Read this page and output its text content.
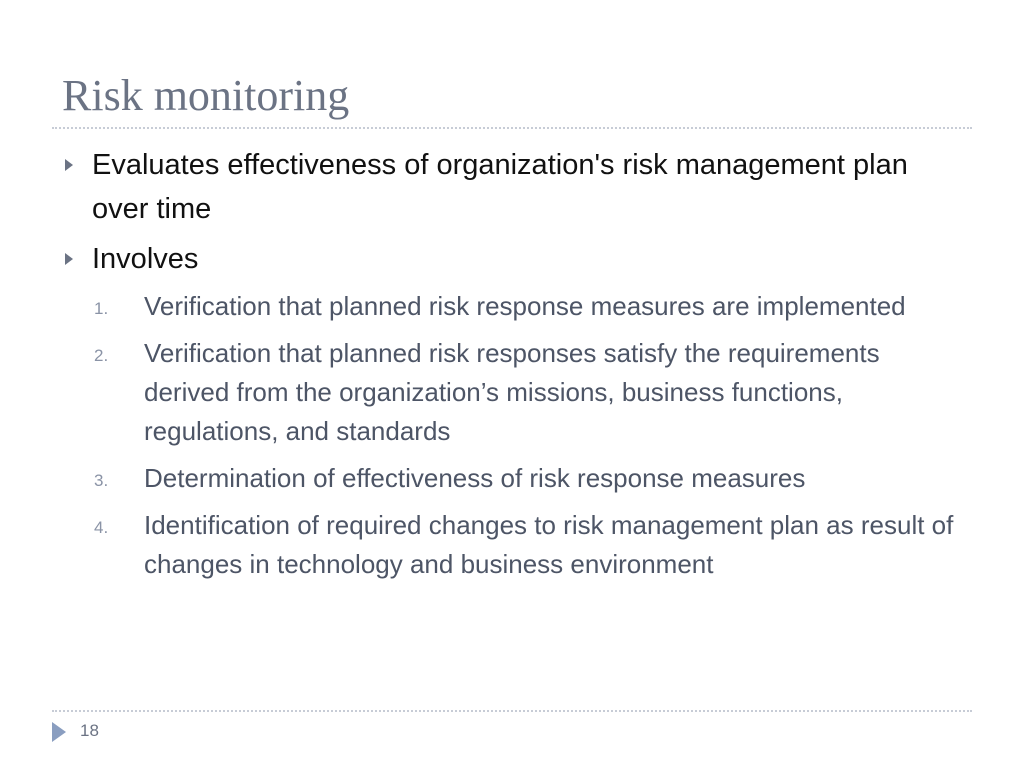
Risk monitoring
Evaluates effectiveness of organization's risk management plan over time
Involves
1. Verification that planned risk response measures are implemented
2. Verification that planned risk responses satisfy the requirements derived from the organization’s missions, business functions, regulations, and standards
3. Determination of effectiveness of risk response measures
4. Identification of required changes to risk management plan as result of changes in technology and business environment
18
